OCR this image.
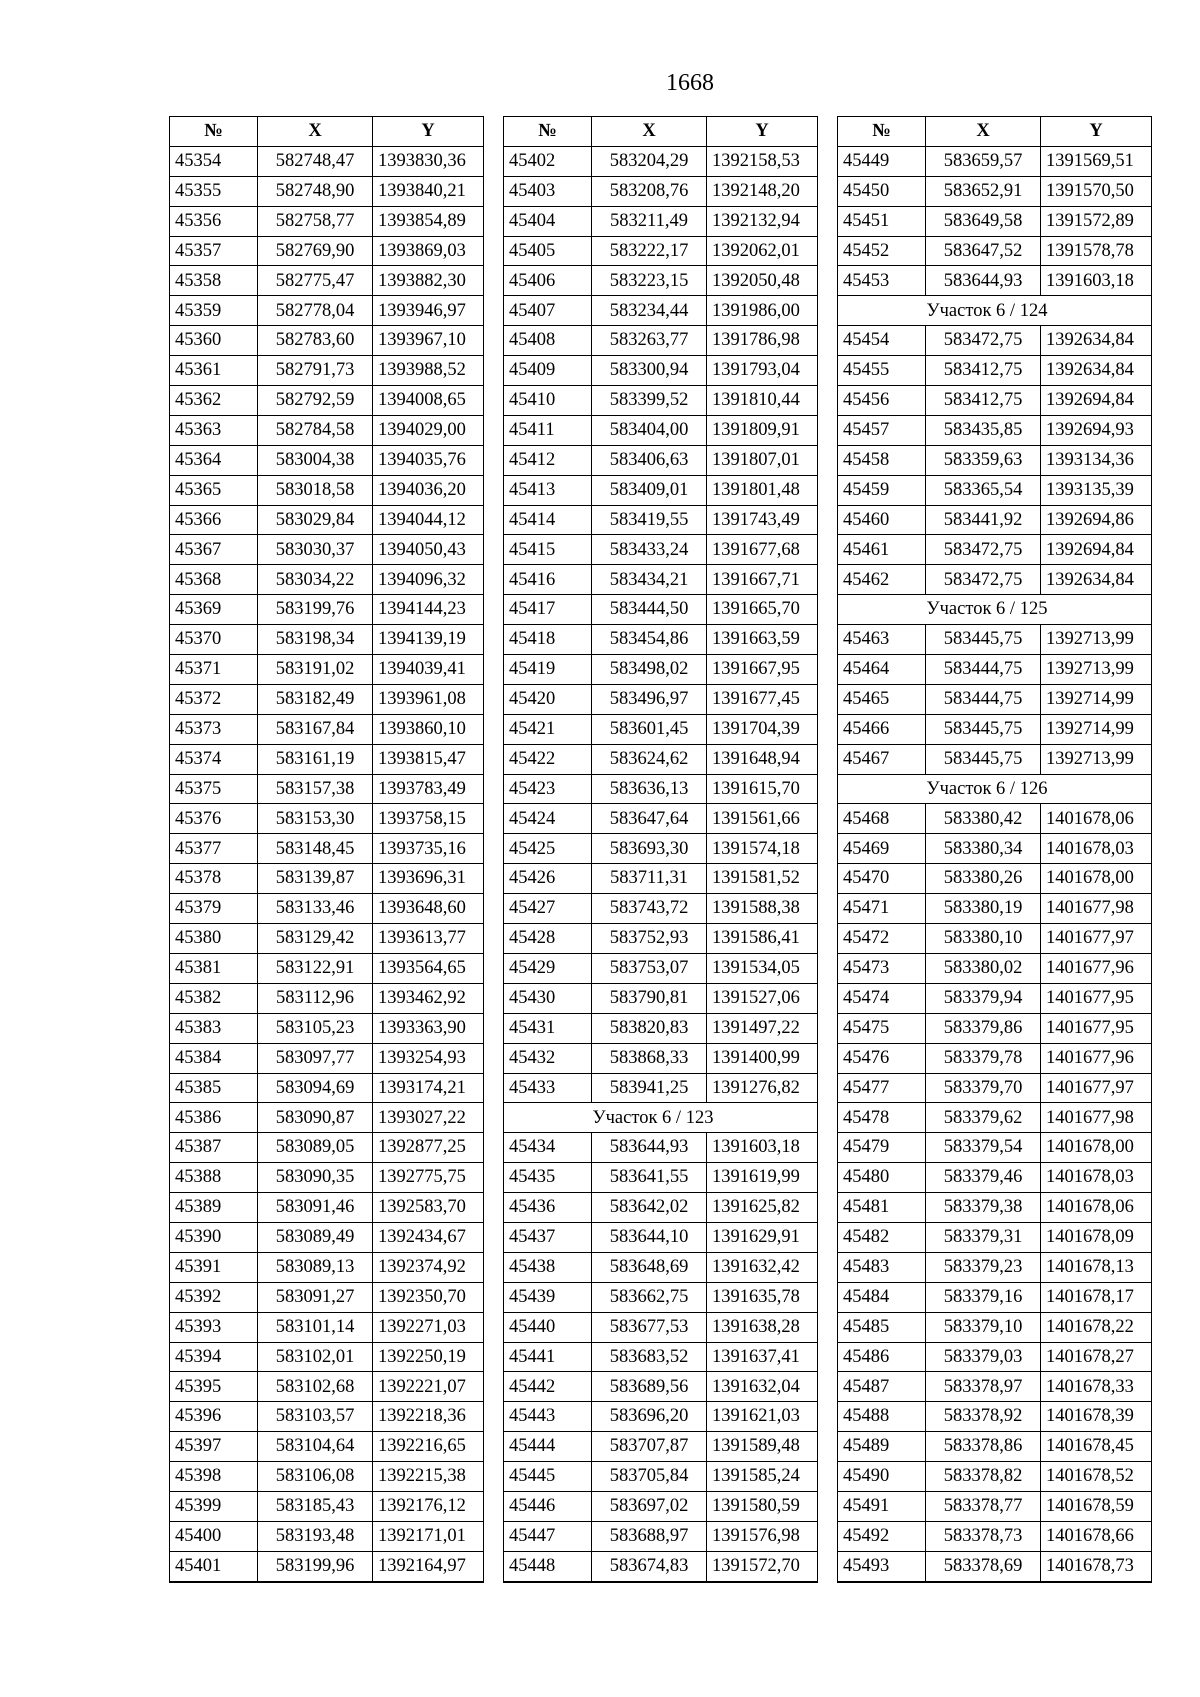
1668
№	X	Y
45354	582748,47	1393830,36
45355	582748,90	1393840,21
45356	582758,77	1393854,89
45357	582769,90	1393869,03
45358	582775,47	1393882,30
45359	582778,04	1393946,97
45360	582783,60	1393967,10
45361	582791,73	1393988,52
45362	582792,59	1394008,65
45363	582784,58	1394029,00
45364	583004,38	1394035,76
45365	583018,58	1394036,20
45366	583029,84	1394044,12
45367	583030,37	1394050,43
45368	583034,22	1394096,32
45369	583199,76	1394144,23
45370	583198,34	1394139,19
45371	583191,02	1394039,41
45372	583182,49	1393961,08
45373	583167,84	1393860,10
45374	583161,19	1393815,47
45375	583157,38	1393783,49
45376	583153,30	1393758,15
45377	583148,45	1393735,16
45378	583139,87	1393696,31
45379	583133,46	1393648,60
45380	583129,42	1393613,77
45381	583122,91	1393564,65
45382	583112,96	1393462,92
45383	583105,23	1393363,90
45384	583097,77	1393254,93
45385	583094,69	1393174,21
45386	583090,87	1393027,22
45387	583089,05	1392877,25
45388	583090,35	1392775,75
45389	583091,46	1392583,70
45390	583089,49	1392434,67
45391	583089,13	1392374,92
45392	583091,27	1392350,70
45393	583101,14	1392271,03
45394	583102,01	1392250,19
45395	583102,68	1392221,07
45396	583103,57	1392218,36
45397	583104,64	1392216,65
45398	583106,08	1392215,38
45399	583185,43	1392176,12
45400	583193,48	1392171,01
45401	583199,96	1392164,97
№	X	Y
45402	583204,29	1392158,53
45403	583208,76	1392148,20
45404	583211,49	1392132,94
45405	583222,17	1392062,01
45406	583223,15	1392050,48
45407	583234,44	1391986,00
45408	583263,77	1391786,98
45409	583300,94	1391793,04
45410	583399,52	1391810,44
45411	583404,00	1391809,91
45412	583406,63	1391807,01
45413	583409,01	1391801,48
45414	583419,55	1391743,49
45415	583433,24	1391677,68
45416	583434,21	1391667,71
45417	583444,50	1391665,70
45418	583454,86	1391663,59
45419	583498,02	1391667,95
45420	583496,97	1391677,45
45421	583601,45	1391704,39
45422	583624,62	1391648,94
45423	583636,13	1391615,70
45424	583647,64	1391561,66
45425	583693,30	1391574,18
45426	583711,31	1391581,52
45427	583743,72	1391588,38
45428	583752,93	1391586,41
45429	583753,07	1391534,05
45430	583790,81	1391527,06
45431	583820,83	1391497,22
45432	583868,33	1391400,99
45433	583941,25	1391276,82
Участок 6 / 123		
45434	583644,93	1391603,18
45435	583641,55	1391619,99
45436	583642,02	1391625,82
45437	583644,10	1391629,91
45438	583648,69	1391632,42
45439	583662,75	1391635,78
45440	583677,53	1391638,28
45441	583683,52	1391637,41
45442	583689,56	1391632,04
45443	583696,20	1391621,03
45444	583707,87	1391589,48
45445	583705,84	1391585,24
45446	583697,02	1391580,59
45447	583688,97	1391576,98
45448	583674,83	1391572,70
№	X	Y
45449	583659,57	1391569,51
45450	583652,91	1391570,50
45451	583649,58	1391572,89
45452	583647,52	1391578,78
45453	583644,93	1391603,18
Участок 6 / 124		
45454	583472,75	1392634,84
45455	583412,75	1392634,84
45456	583412,75	1392694,84
45457	583435,85	1392694,93
45458	583359,63	1393134,36
45459	583365,54	1393135,39
45460	583441,92	1392694,86
45461	583472,75	1392694,84
45462	583472,75	1392634,84
Участок 6 / 125		
45463	583445,75	1392713,99
45464	583444,75	1392713,99
45465	583444,75	1392714,99
45466	583445,75	1392714,99
45467	583445,75	1392713,99
Участок 6 / 126		
45468	583380,42	1401678,06
45469	583380,34	1401678,03
45470	583380,26	1401678,00
45471	583380,19	1401677,98
45472	583380,10	1401677,97
45473	583380,02	1401677,96
45474	583379,94	1401677,95
45475	583379,86	1401677,95
45476	583379,78	1401677,96
45477	583379,70	1401677,97
45478	583379,62	1401677,98
45479	583379,54	1401678,00
45480	583379,46	1401678,03
45481	583379,38	1401678,06
45482	583379,31	1401678,09
45483	583379,23	1401678,13
45484	583379,16	1401678,17
45485	583379,10	1401678,22
45486	583379,03	1401678,27
45487	583378,97	1401678,33
45488	583378,92	1401678,39
45489	583378,86	1401678,45
45490	583378,82	1401678,52
45491	583378,77	1401678,59
45492	583378,73	1401678,66
45493	583378,69	1401678,73
